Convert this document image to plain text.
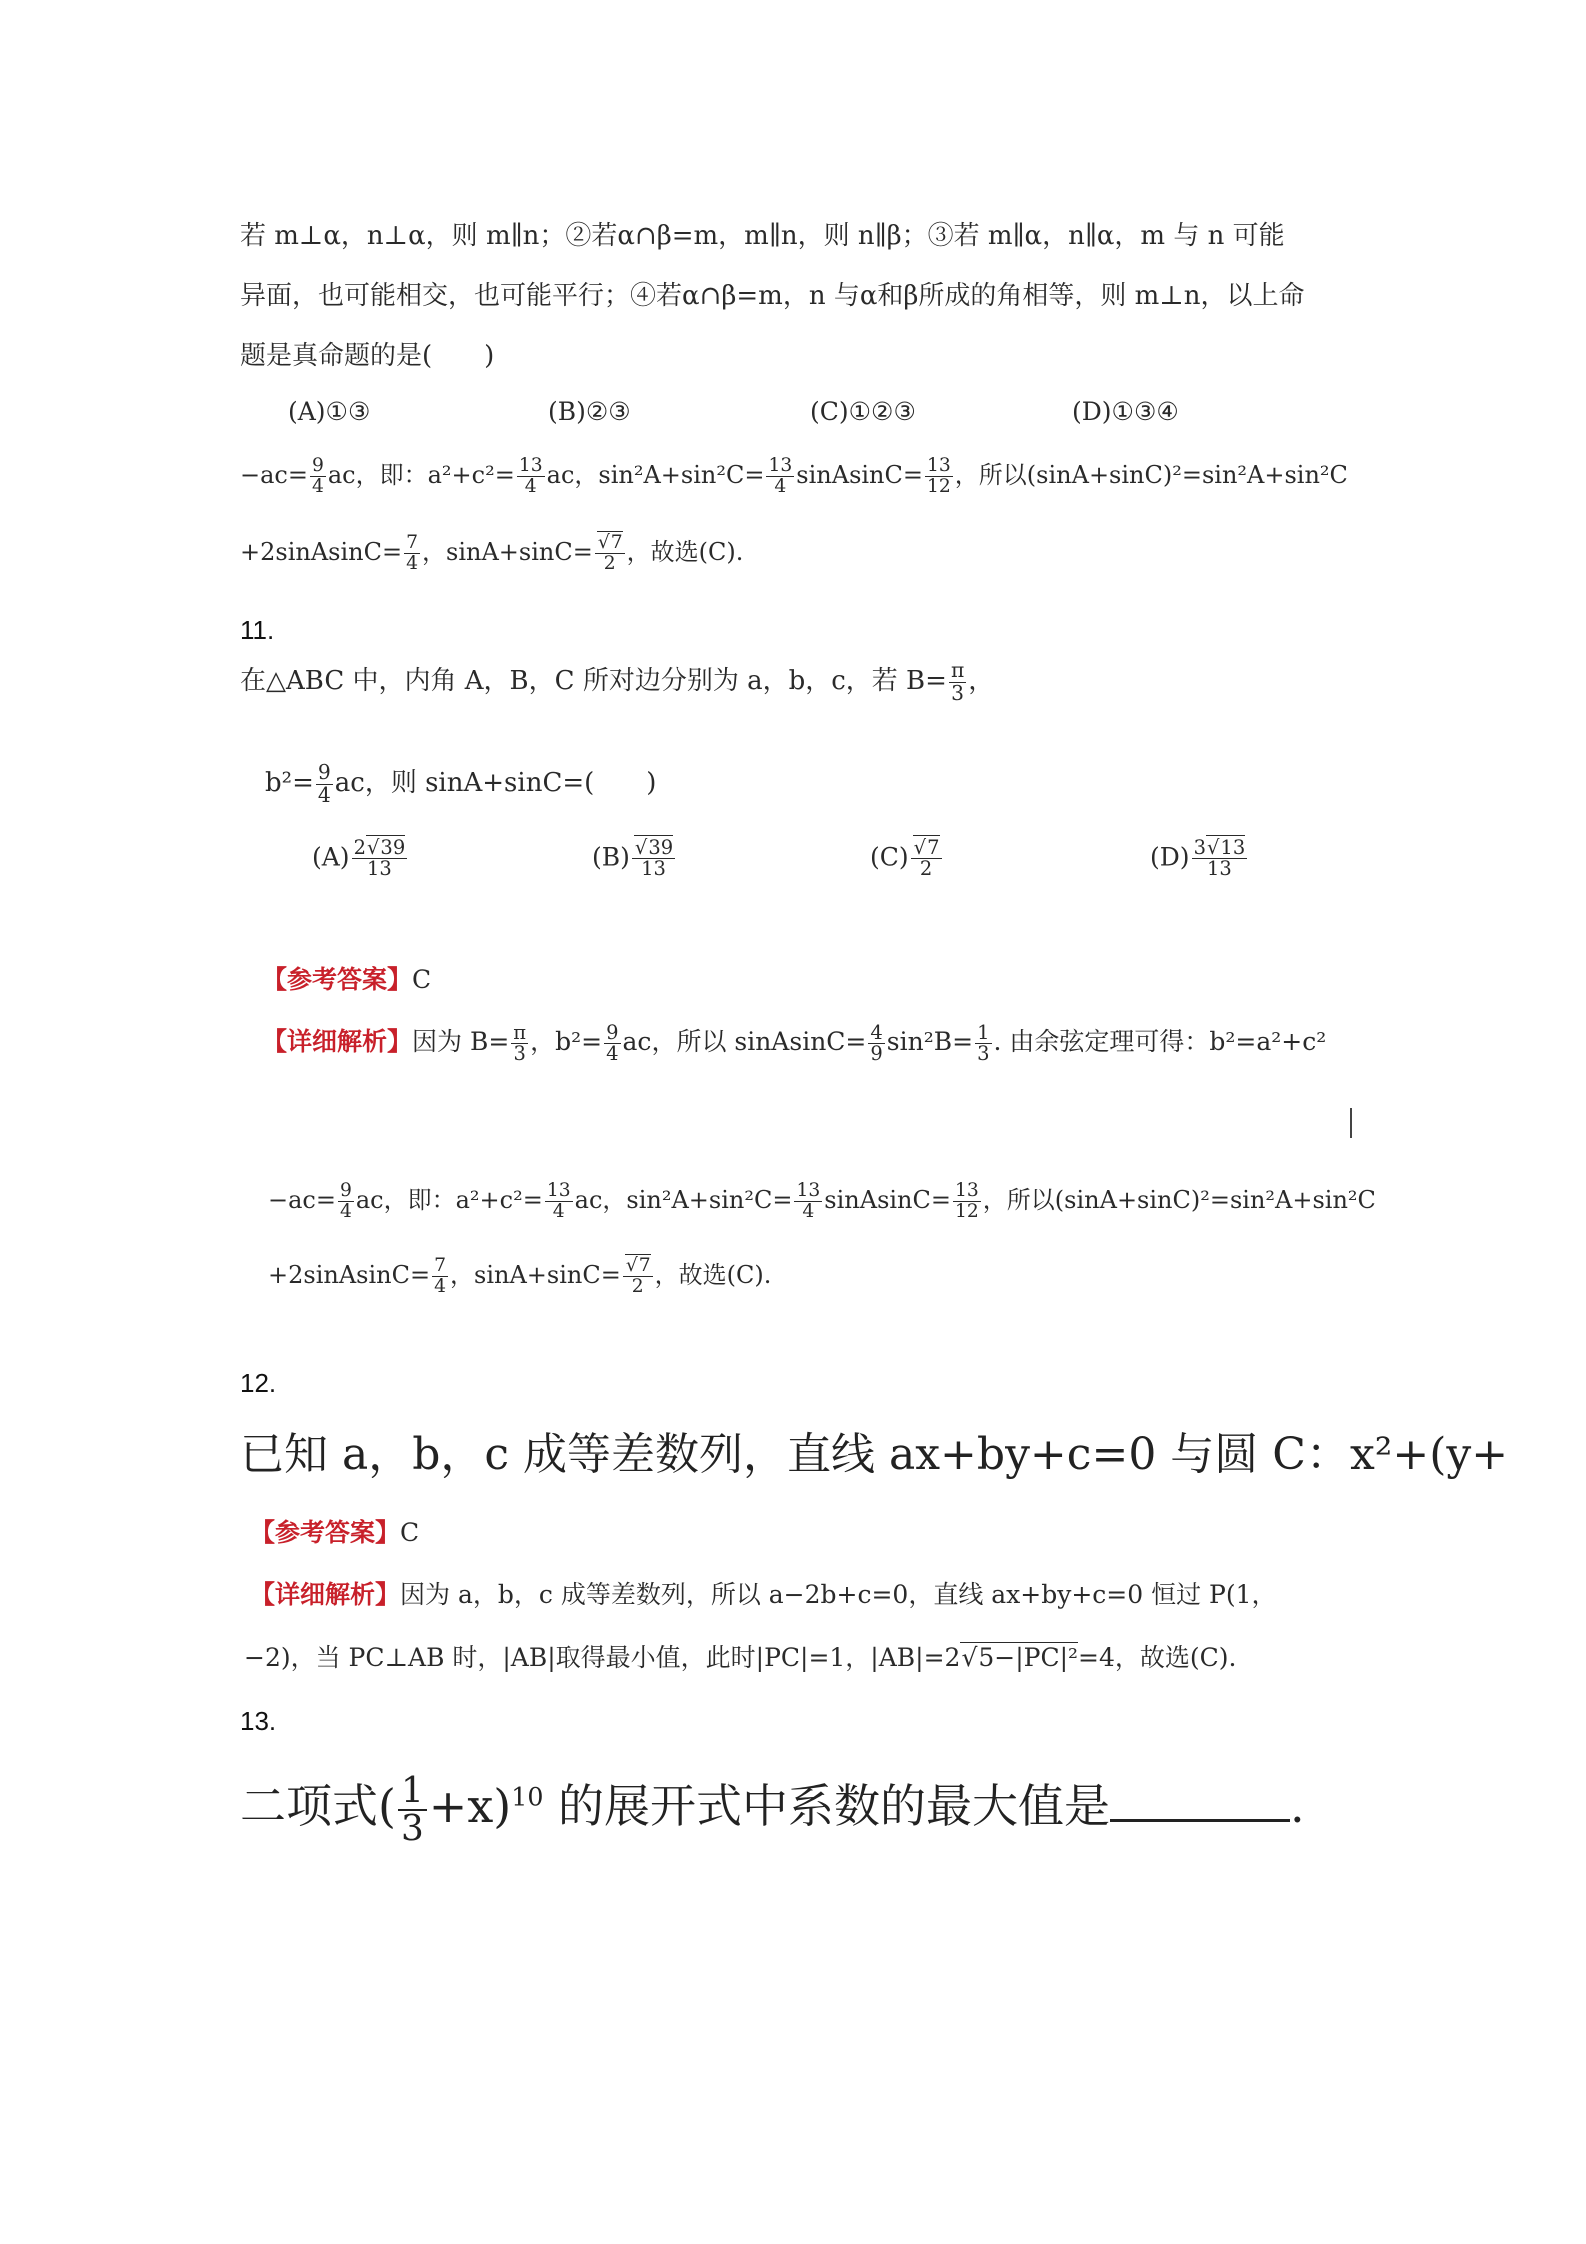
若 m⊥α，n⊥α，则 m∥n；②若α∩β=m，m∥n，则 n∥β；③若 m∥α，n∥α，m 与 n 可能
异面，也可能相交，也可能平行；④若α∩β=m，n 与α和β所成的角相等，则 m⊥n，以上命
题是真命题的是(　　)
(A)①③	(B)②③	(C)①②③	(D)①③④
$-ac= \frac{9}{4}$ ac，即：$a^2+c^2= \frac{13}{4}$ ac，$\sin^2A+\sin^2C= \frac{13}{4}$ sinAsinC= $\frac{13}{12}$ ，所以(sinA+sinC)²=sin²A+sin²C
+2sinAsinC= $\frac{7}{4}$ ，sinA+sinC= √ $\frac{7}{2}$ ，故选(C).
11.
在△ABC 中，内角 A，B，C 所对边分别为 a，b，c，若 $B= \frac{\pi}{3}$ ，
$b^2= \frac{9}{4}$ ac，则 sinA+sinC=(　　)
$(A) \frac{2 √ 39}{13}$	(B) √ $\frac{39}{13}$	(C) √ $\frac{7}{2}$	$(D) \frac{3 √ 13}{13}$
【参考答案】C
【详细解析】因为 $B= \frac{\pi}{3}$ ，$b^2= \frac{9}{4}$ ac，所以 sinAsinC= $\frac{4}{9} \sin^2B= \frac{1}{3}$ . 由余弦定理可得：b²=a²+c²
$-ac= \frac{9}{4}$ ac，即：$a^2+c^2= \frac{13}{4}$ ac，$\sin^2A+\sin^2C= \frac{13}{4}$ sinAsinC= $\frac{13}{12}$ ，所以(sinA+sinC)²=sin²A+sin²C
+2sinAsinC= $\frac{7}{4}$ ，sinA+sinC= √ $\frac{7}{2}$ ，故选(C).
12.
已知 a，b，c 成等差数列，直线 ax+by+c=0 与圆 C：x²+(y+
【参考答案】C
【详细解析】因为 a，b，c 成等差数列，所以 a−2b+c=0，直线 ax+by+c=0 恒过 P(1，
−2)，当 PC⊥AB 时，|AB|取得最小值，此时|PC|=1，|AB|=2 √ 5−|PC|²=4，故选(C).
13.
二项式( $\frac{1}{3} +x)^{10}$ 的展开式中系数的最大值是	.
